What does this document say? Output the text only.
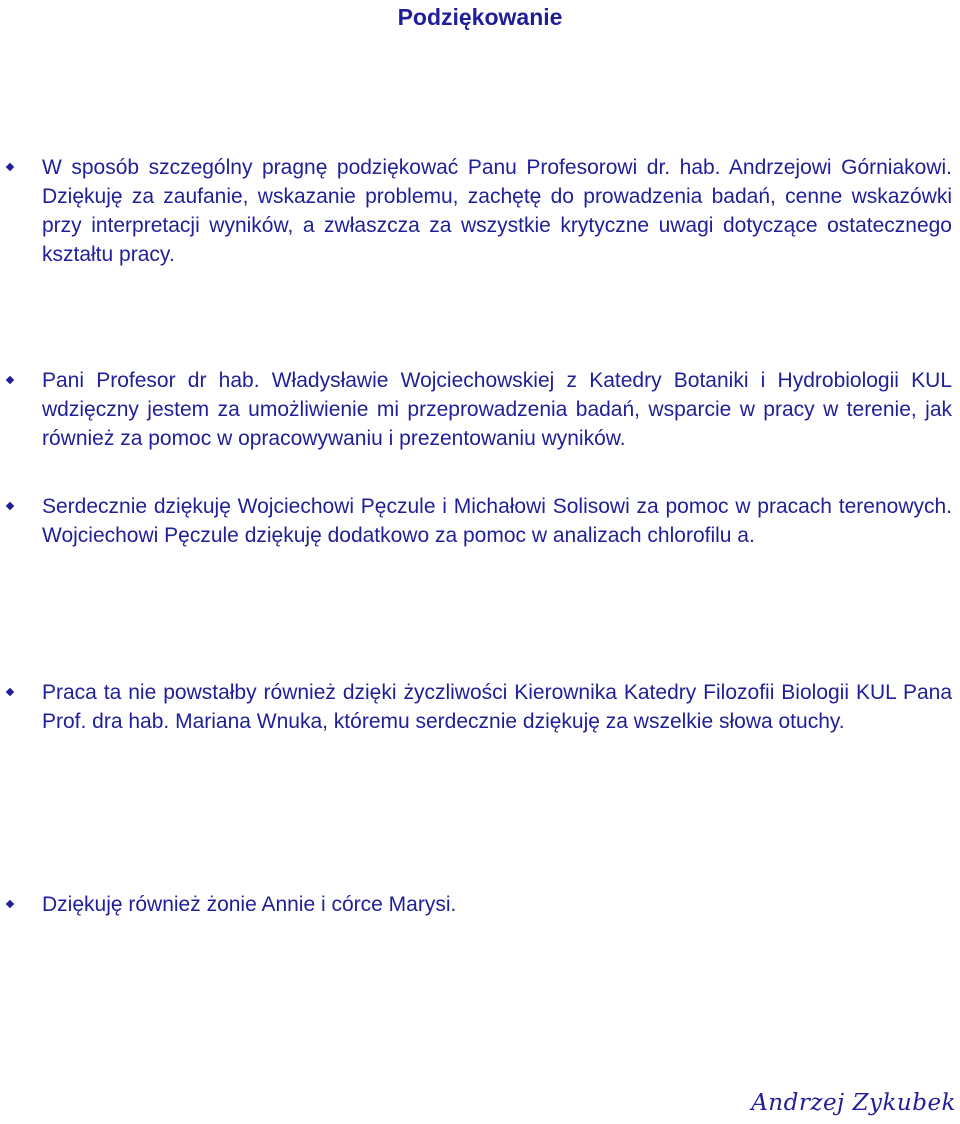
Podziękowanie
W sposób szczególny pragnę podziękować Panu Profesorowi dr. hab. Andrzejowi Górniakowi. Dziękuję za zaufanie, wskazanie problemu, zachętę do prowadzenia badań, cenne wskazówki przy interpretacji wyników, a zwłaszcza za wszystkie krytyczne uwagi dotyczące ostatecznego kształtu pracy.
Pani Profesor dr hab. Władysławie Wojciechowskiej z Katedry Botaniki i Hydrobiologii KUL wdzięczny jestem za umożliwienie mi przeprowadzenia badań, wsparcie w pracy w terenie, jak również za pomoc w opracowywaniu i prezentowaniu wyników.
Serdecznie dziękuję Wojciechowi Pęczule i Michałowi Solisowi za pomoc w pracach terenowych. Wojciechowi Pęczule dziękuję dodatkowo za pomoc w analizach chlorofilu a.
Praca ta nie powstałby również dzięki życzliwości Kierownika Katedry Filozofii Biologii KUL Pana Prof. dra hab. Mariana Wnuka, któremu serdecznie dziękuję za wszelkie słowa otuchy.
Dziękuję również żonie Annie i córce Marysi.
Andrzej Zykubek
